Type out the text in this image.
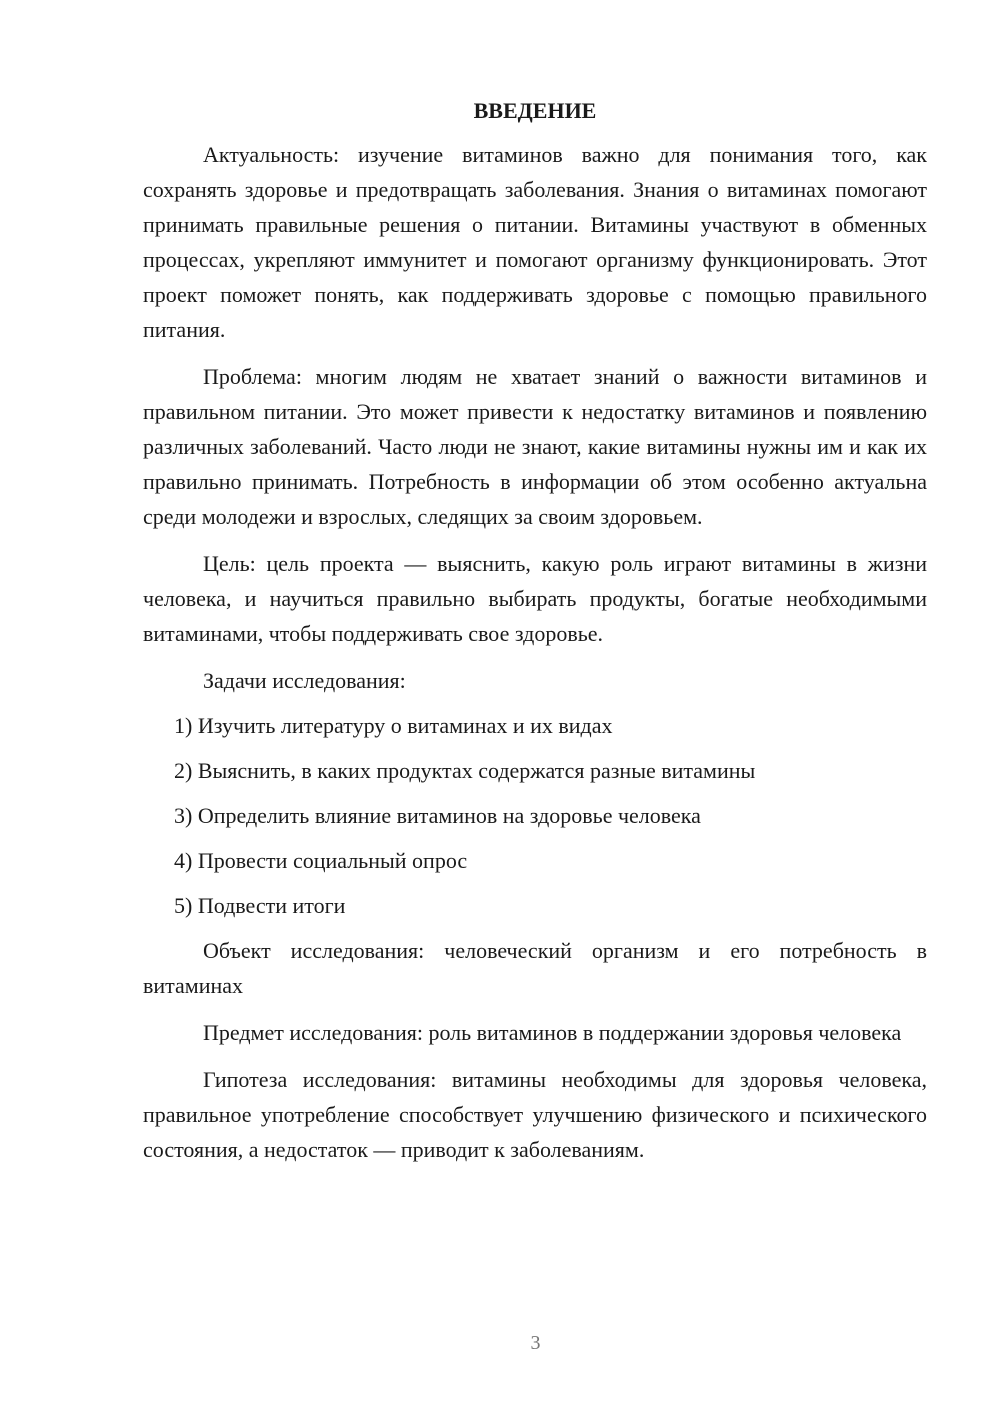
ВВЕДЕНИЕ

Актуальность: изучение витаминов важно для понимания того, как сохранять здоровье и предотвращать заболевания. Знания о витаминах помогают принимать правильные решения о питании. Витамины участвуют в обменных процессах, укрепляют иммунитет и помогают организму функционировать. Этот проект поможет понять, как поддерживать здоровье с помощью правильного питания.

Проблема: многим людям не хватает знаний о важности витаминов и правильном питании. Это может привести к недостатку витаминов и появлению различных заболеваний. Часто люди не знают, какие витамины нужны им и как их правильно принимать. Потребность в информации об этом особенно актуальна среди молодежи и взрослых, следящих за своим здоровьем.

Цель: цель проекта — выяснить, какую роль играют витамины в жизни человека, и научиться правильно выбирать продукты, богатые необходимыми витаминами, чтобы поддерживать свое здоровье.

Задачи исследования:

1) Изучить литературу о витаминах и их видах
2) Выяснить, в каких продуктах содержатся разные витамины
3) Определить влияние витаминов на здоровье человека
4) Провести социальный опрос
5) Подвести итоги

Объект исследования: человеческий организм и его потребность в витаминах

Предмет исследования: роль витаминов в поддержании здоровья человека

Гипотеза исследования: витамины необходимы для здоровья человека, правильное употребление способствует улучшению физического и психического состояния, а недостаток — приводит к заболеваниям.

3
